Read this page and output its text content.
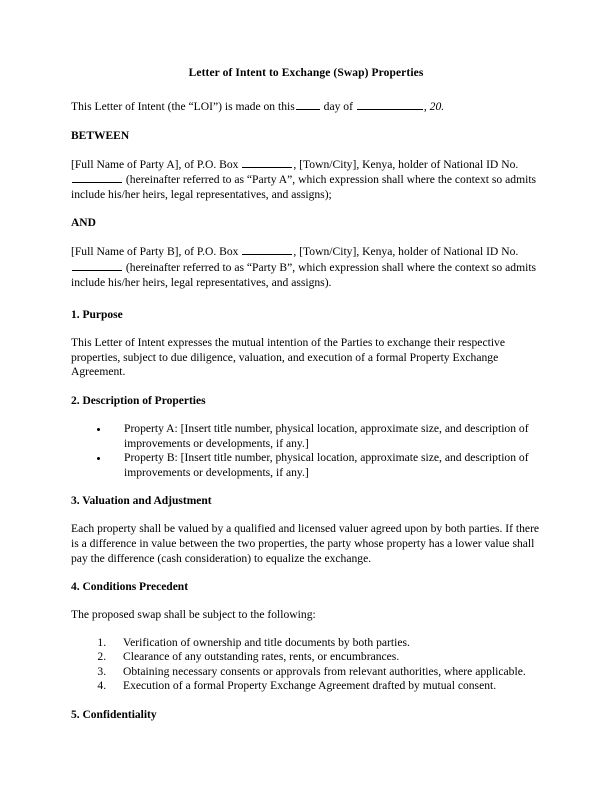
Letter of Intent to Exchange (Swap) Properties

This Letter of Intent (the “LOI”) is made on this day of	, 20.

BETWEEN

[Full Name of Party A], of P.O. Box	, [Town/City], Kenya, holder of National ID No.  (hereinafter referred to as “Party A”, which expression shall where the context so admits include his/her heirs, legal representatives, and assigns);

AND

[Full Name of Party B], of P.O. Box	, [Town/City], Kenya, holder of National ID No.  (hereinafter referred to as “Party B”, which expression shall where the context so admits include his/her heirs, legal representatives, and assigns).

1. Purpose

This Letter of Intent expresses the mutual intention of the Parties to exchange their respective properties, subject to due diligence, valuation, and execution of a formal Property Exchange Agreement.

2. Description of Properties
• Property A: [Insert title number, physical location, approximate size, and description of improvements or developments, if any.]
• Property B: [Insert title number, physical location, approximate size, and description of improvements or developments, if any.]
3. Valuation and Adjustment

Each property shall be valued by a qualified and licensed valuer agreed upon by both parties. If there is a difference in value between the two properties, the party whose property has a lower value shall pay the difference (cash consideration) to equalize the exchange.

4. Conditions Precedent

The proposed swap shall be subject to the following:

1. Verification of ownership and title documents by both parties.
2. Clearance of any outstanding rates, rents, or encumbrances.
3. Obtaining necessary consents or approvals from relevant authorities, where applicable.
4. Execution of a formal Property Exchange Agreement drafted by mutual consent.
5. Confidentiality
